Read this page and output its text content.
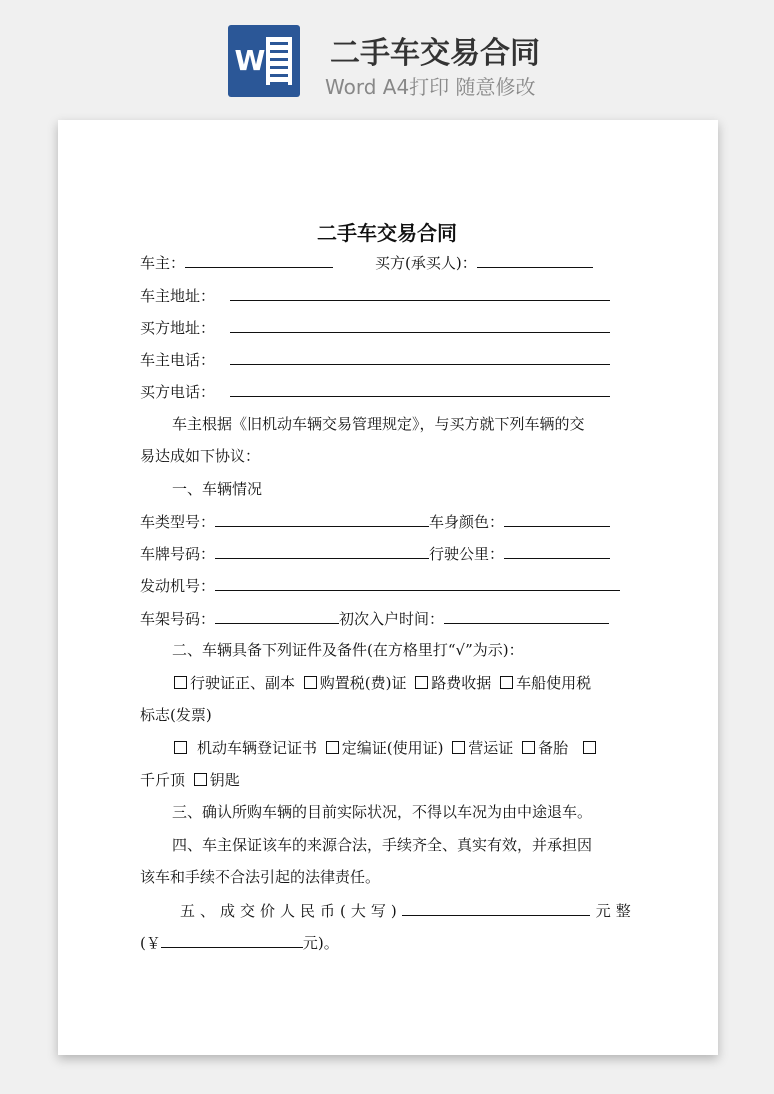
W 二手车交易合同
Word A4打印 随意修改
二手车交易合同
车主：	买方(承买人)：
车主地址：
买方地址：
车主电话：
买方电话：
车主根据《旧机动车辆交易管理规定》，与买方就下列车辆的交
易达成如下协议：
一、车辆情况
车类型号：	车身颜色：
车牌号码：	行驶公里：
发动机号：
车架号码：	初次入户时间：
二、车辆具备下列证件及备件(在方格里打“√”为示)：
行驶证正、副本 购置税(费)证 路费收据 车船使用税
标志(发票)
机动车辆登记证书 定编证(使用证) 营运证 备胎
千斤顶 钥匙
三、确认所购车辆的目前实际状况，不得以车况为由中途退车。
四、车主保证该车的来源合法，手续齐全、真实有效，并承担因
该车和手续不合法引起的法律责任。
五、成交价人民币(大写)	元整
(￥	元)。
